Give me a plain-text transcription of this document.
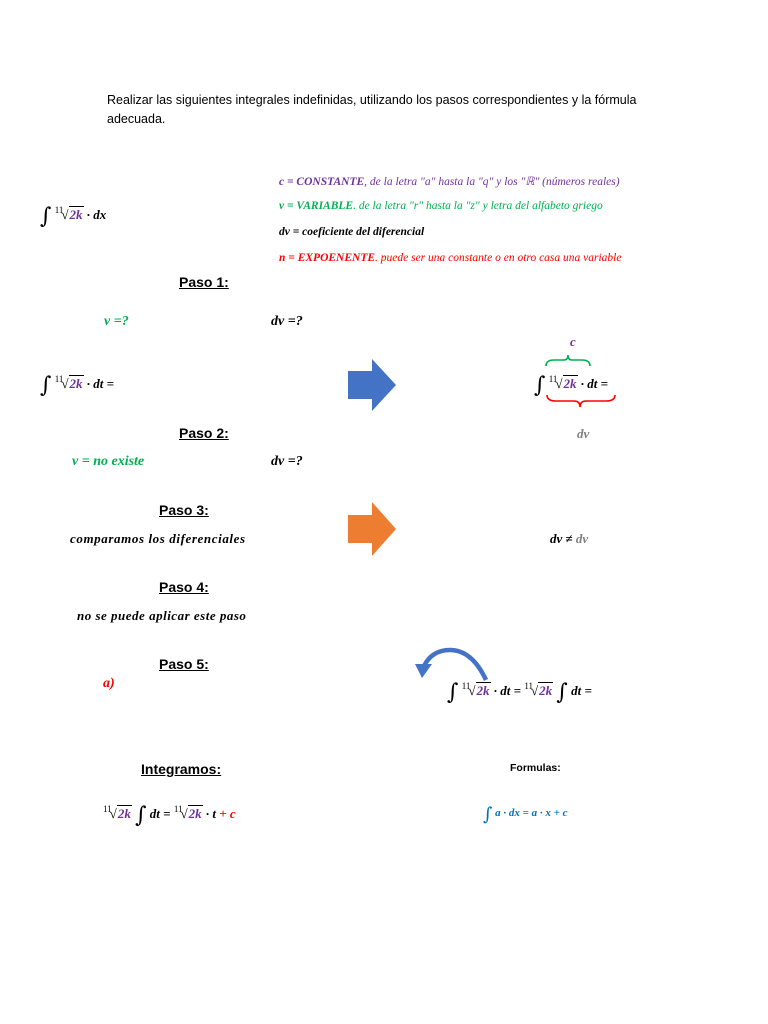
Realizar las siguientes integrales indefinidas, utilizando los pasos correspondientes y la fórmula adecuada.
∫ $^{11}$√2k · dx
c = CONSTANTE, de la letra "a" hasta la "q" y los "ℝ" (números reales)
v = VARIABLE. de la letra "r" hasta la "z" y letra del alfabeto griego
dv = coeficiente del diferencial
n = EXPOENENTE. puede ser una constante o en otro casa una variable
Paso 1:
v =?	dv =?
∫ $^{11}$√2k · dt =
c
∫ $^{11}$√2k · dt =
dv
Paso 2:
v = no existe	dv =?
Paso 3:
comparamos los diferenciales	dv ≠ dv
Paso 4:
no se puede aplicar este paso
Paso 5:
a)	∫ $^{11}$√2k · dt = $^{11}$√2k ∫ dt =
Integramos:
$^{11}$√2k ∫ dt = $^{11}$√2k · t + c
Formulas:
∫ a · dx = a · x + c
